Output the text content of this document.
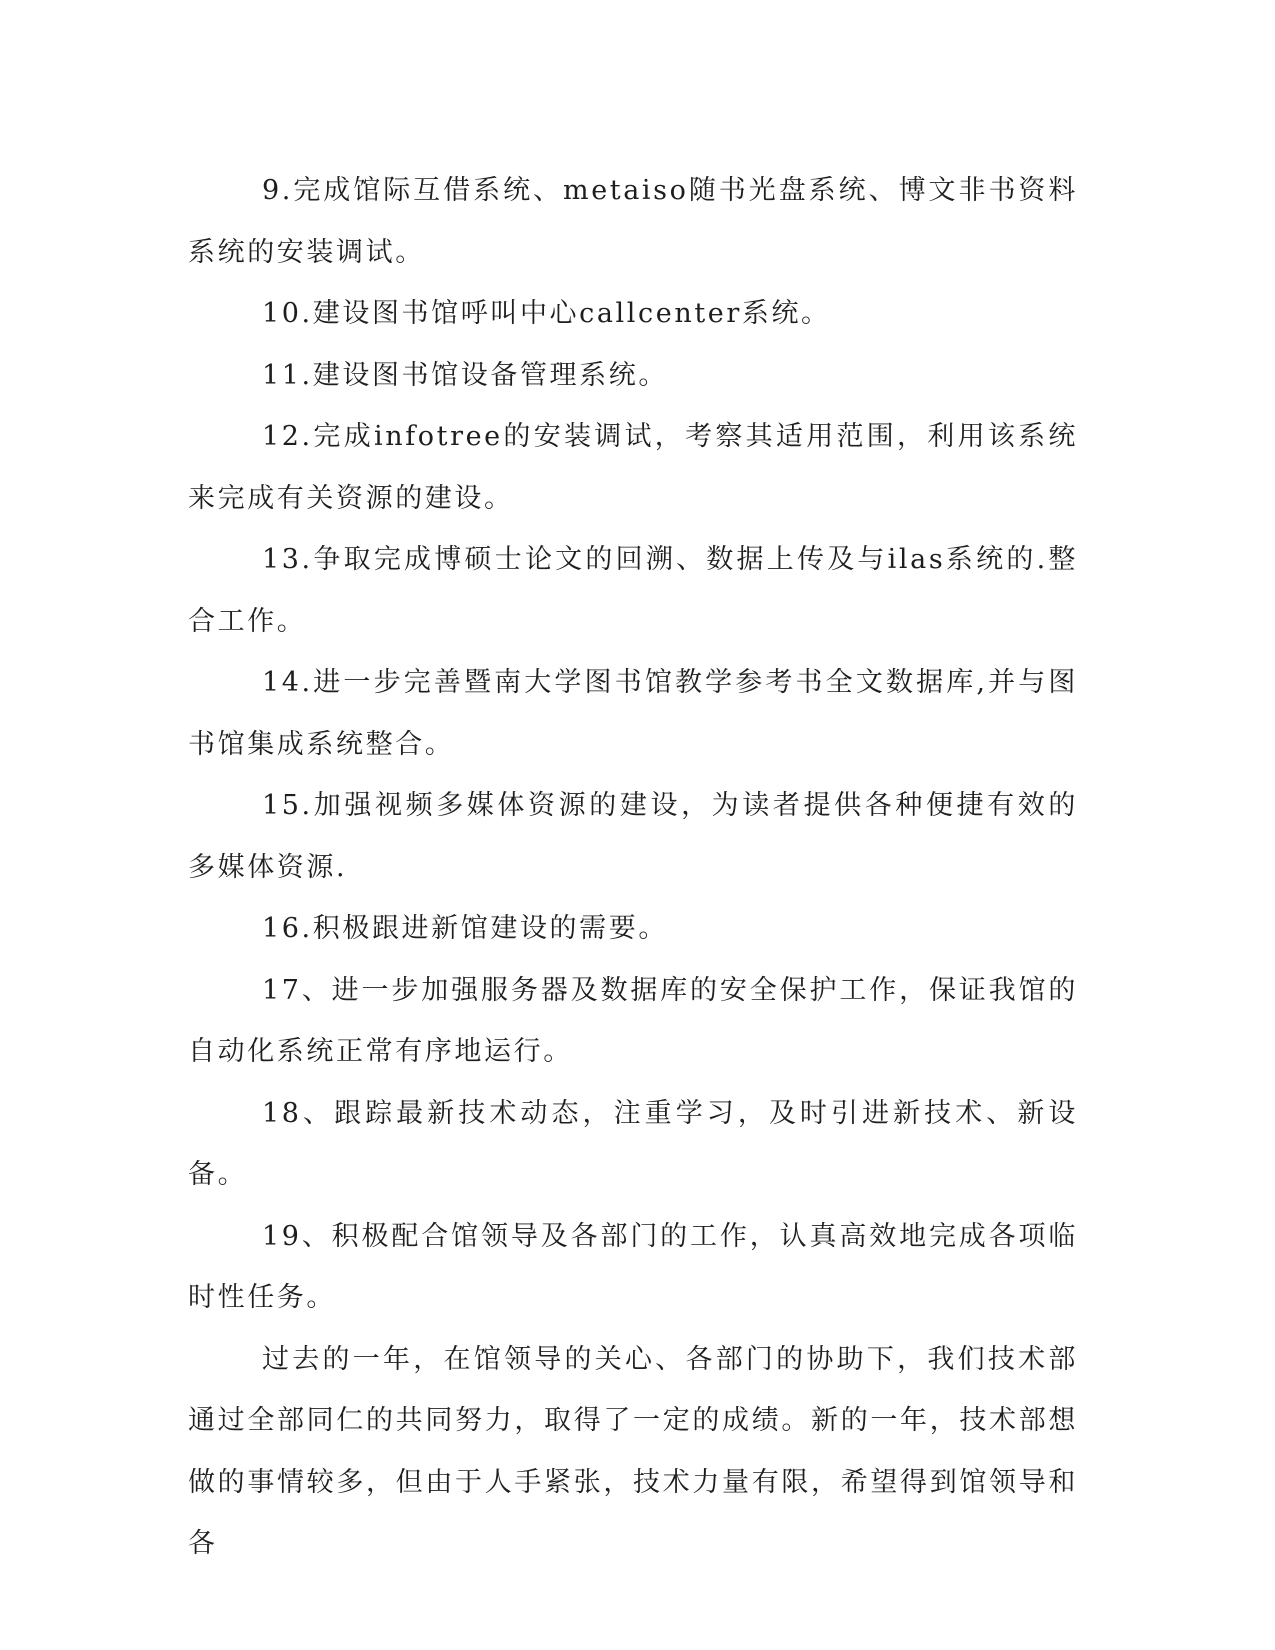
9.完成馆际互借系统、metaiso随书光盘系统、博文非书资料系统的安装调试。

10.建设图书馆呼叫中心callcenter系统。

11.建设图书馆设备管理系统。

12.完成infotree的安装调试，考察其适用范围，利用该系统来完成有关资源的建设。

13.争取完成博硕士论文的回溯、数据上传及与ilas系统的.整合工作。

14.进一步完善暨南大学图书馆教学参考书全文数据库,并与图书馆集成系统整合。

15.加强视频多媒体资源的建设，为读者提供各种便捷有效的多媒体资源.

16.积极跟进新馆建设的需要。

17、进一步加强服务器及数据库的安全保护工作，保证我馆的自动化系统正常有序地运行。

18、跟踪最新技术动态，注重学习，及时引进新技术、新设备。

19、积极配合馆领导及各部门的工作，认真高效地完成各项临时性任务。

过去的一年，在馆领导的关心、各部门的协助下，我们技术部通过全部同仁的共同努力，取得了一定的成绩。新的一年，技术部想做的事情较多，但由于人手紧张，技术力量有限，希望得到馆领导和各
